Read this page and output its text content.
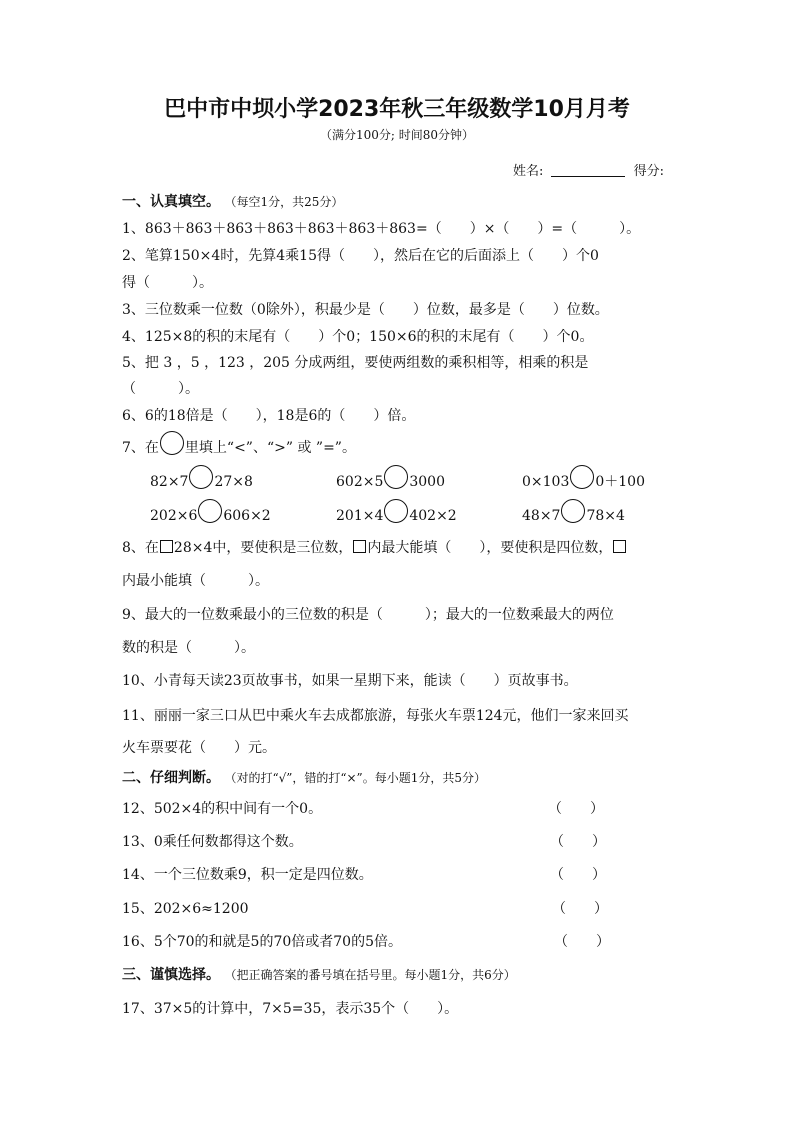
巴中市中坝小学2023年秋三年级数学10月月考
（满分100分; 时间80分钟）
姓名:	得分:
一、认真填空。 （每空1分，共25分）
1、863＋863＋863＋863＋863＋863＋863=（　　）×（　　）=（　　　）。
2、笔算150×4时，先算4乘15得（　　），然后在它的后面添上（　　）个0
得（　　　）。
3、三位数乘一位数（0除外），积最少是（　　）位数，最多是（　　）位数。
4、125×8的积的末尾有（　　）个0；150×6的积的末尾有（　　）个0。
5、把 3 ，5 ，123 ，205 分成两组，要使两组数的乘积相等，相乘的积是
（　　　）。
6、6的18倍是（　　），18是6的（　　）倍。
7、在 里填上“<”、“>” 或 ”=”。
82×7 27×8	602×5 3000	0×103 0＋100
202×6 606×2	201×4 402×2	48×7 78×4
8、在 28×4中，要使积是三位数， 内最大能填（　　），要使积是四位数，
内最小能填（　　　）。
9、最大的一位数乘最小的三位数的积是（　　　）；最大的一位数乘最大的两位
数的积是（　　　）。
10、小青每天读23页故事书，如果一星期下来，能读（　　）页故事书。
11、丽丽一家三口从巴中乘火车去成都旅游，每张火车票124元，他们一家来回买
火车票要花（　　）元。
二、仔细判断。 （对的打“√”，错的打“×”。每小题1分，共5分）
12、502×4的积中间有一个0。	（　　）
13、0乘任何数都得这个数。	（　　）
14、一个三位数乘9，积一定是四位数。	（　　）
15、202×6≈1200	（　　）
16、5个70的和就是5的70倍或者70的5倍。	（　　）
三、谨慎选择。 （把正确答案的番号填在括号里。每小题1分，共6分）
17、37×5的计算中，7×5=35，表示35个（　　）。
